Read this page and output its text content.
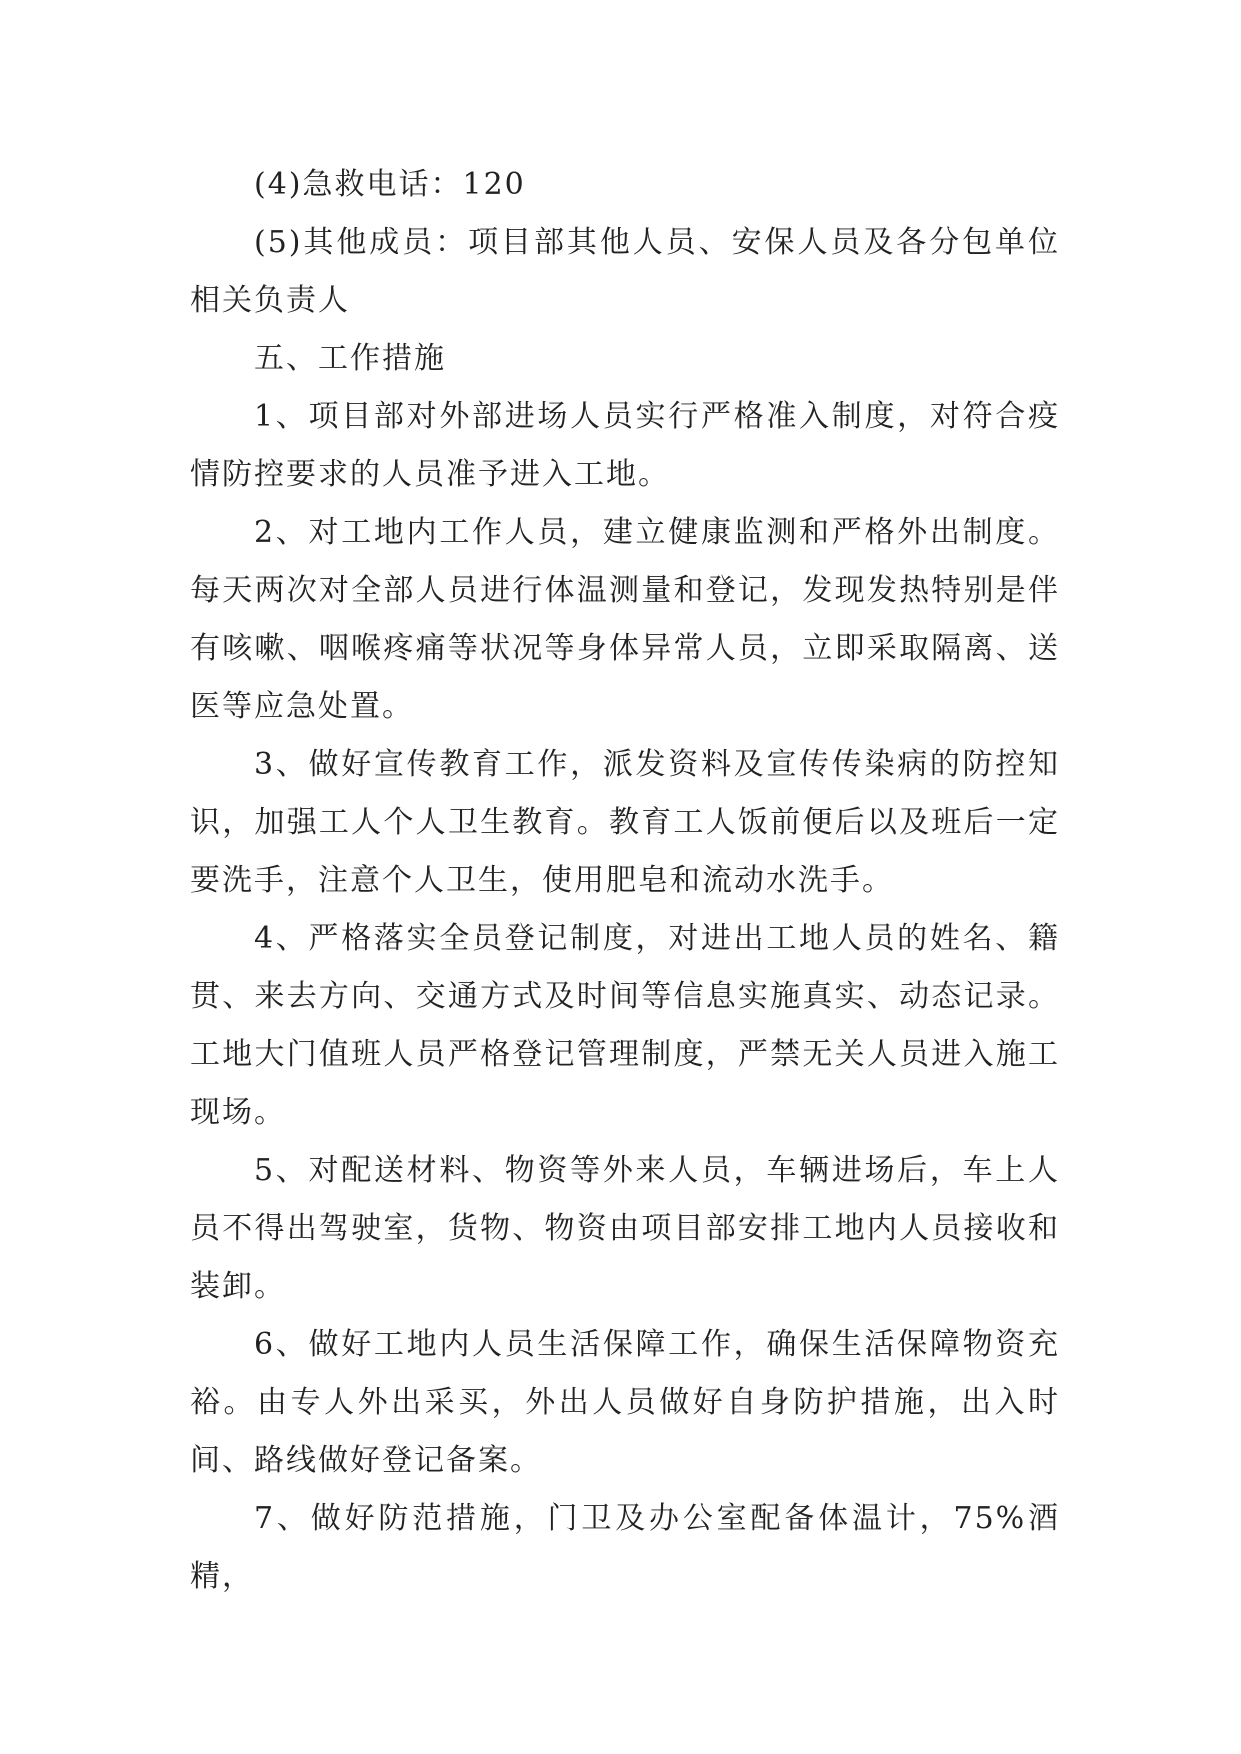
(4)急救电话：120

(5)其他成员：项目部其他人员、安保人员及各分包单位相关负责人

五、工作措施

1、项目部对外部进场人员实行严格准入制度，对符合疫情防控要求的人员准予进入工地。

2、对工地内工作人员，建立健康监测和严格外出制度。每天两次对全部人员进行体温测量和登记，发现发热特别是伴有咳嗽、咽喉疼痛等状况等身体异常人员，立即采取隔离、送医等应急处置。

3、做好宣传教育工作，派发资料及宣传传染病的防控知识，加强工人个人卫生教育。教育工人饭前便后以及班后一定要洗手，注意个人卫生，使用肥皂和流动水洗手。

4、严格落实全员登记制度，对进出工地人员的姓名、籍贯、来去方向、交通方式及时间等信息实施真实、动态记录。工地大门值班人员严格登记管理制度，严禁无关人员进入施工现场。

5、对配送材料、物资等外来人员，车辆进场后，车上人员不得出驾驶室，货物、物资由项目部安排工地内人员接收和装卸。

6、做好工地内人员生活保障工作，确保生活保障物资充裕。由专人外出采买，外出人员做好自身防护措施，出入时间、路线做好登记备案。

7、做好防范措施，门卫及办公室配备体温计，75%酒精，
